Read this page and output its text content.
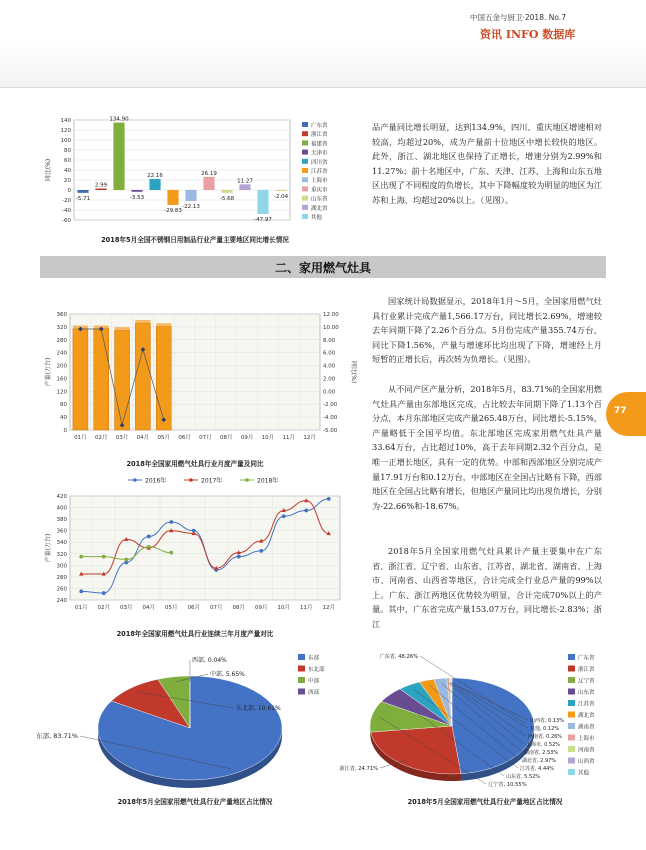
中国五金与厨卫·2018. No.7
资讯 INFO 数据库
140
120
100
80
60
40
20
0
-20
-40
-60
同比(%)
-5.71
2.99
134.90
-3.53
22.16
-29.83
-22.13
26.19
-5.68
11.27
-47.97
-2.04
广东省
浙江省
福建省
天津市
四川省
江苏省
上海市
重庆市
山东省
湖北省
其他
2018年5月全国不锈钢日用制品行业产量主要地区同比增长情况
品产量同比增长明显，达到134.9%，四川、重庆地区增速相对较高，均超过20%，成为产量前十位地区中增长较快的地区。此外，浙江、湖北地区也保持了正增长，增速分别为2.99%和11.27%；前十名地区中，广东、天津、江苏、上海和山东五地区出现了不同程度的负增长，其中下降幅度较为明显的地区为江苏和上海，均超过20%以上。（见图）。
二、家用燃气灶具
360
320
280
240
200
160
120
80
40
0
12.00
10.00
8.00
6.00
4.00
2.00
0.00
-2.00
-4.00
-5.00
产量(万台)	同比(%)
01月 02月 03月 04月 05月 06月 07月 08月 09月 10月 11月 12月
2018年全国家用燃气灶具行业月度产量及同比
2016年	2017年	2018年
420
400
380
360
340
320
300
280
260
240
01月 02月 03月 04月 05月 06月 07月 08月 09月 10月 11月 12月
产量(万台)
2018年全国家用燃气灶具行业连续三年月度产量对比
国家统计局数据显示，2018年1月～5月，全国家用燃气灶具行业累计完成产量1,566.17万台，同比增长2.69%，增速较去年同期下降了2.26个百分点。5月份完成产量355.74万台，同比下降1.56%，产量与增速环比均出现了下降，增速经上月短暂的正增长后，再次转为负增长。（见图）。
从不同产区产量分析，2018年5月，83.71%的全国家用燃气灶具产量由东部地区完成，占比较去年同期下降了1.13个百分点，本月东部地区完成产量265.48万台，同比增长-5.15%，产量略低于全国平均值。东北部地区完成家用燃气灶具产量33.64万台，占比超过10%，高于去年同期2.32个百分点，是唯一正增长地区，具有一定的优势。中部和西部地区分别完成产量17.91万台和0.12万台，中部地区在全国占比略有下降，西部地区在全国占比略有增长，但地区产量同比均出现负增长，分别为-22.66%和-18.67%。
2018年5月全国家用燃气灶具累计产量主要集中在广东省、浙江省、辽宁省、山东省、江苏省、湖北省、湖南省、上海市、河南省、山西省等地区，合计完成全行业总产量的99%以上。广东、浙江两地区优势较为明显，合计完成70%以上的产量。其中，广东省完成产量153.07万台，同比增长-2.83%；浙江
77
东部, 83.71%
东北部, 10.61%
中部, 5.65%
西部, 0.04%	东部
东北部
中部
西部
2018年5月全国家用燃气灶具行业产量地区占比情况
广东省, 48.26%
浙江省, 24.71%
辽宁省, 10.55%
山东省, 5.52%
江苏省, 4.44%
湖北省, 2.97%
湖南省, 2.53%
上海市, 0.52%
河南省, 0.26%
山西省, 0.13%
其他, 0.12%
广东省
浙江省
辽宁省
山东省
江苏省
湖北省
湖南省
上海市
河南省
山西省
其他
2018年5月全国家用燃气灶具行业产量地区占比情况
